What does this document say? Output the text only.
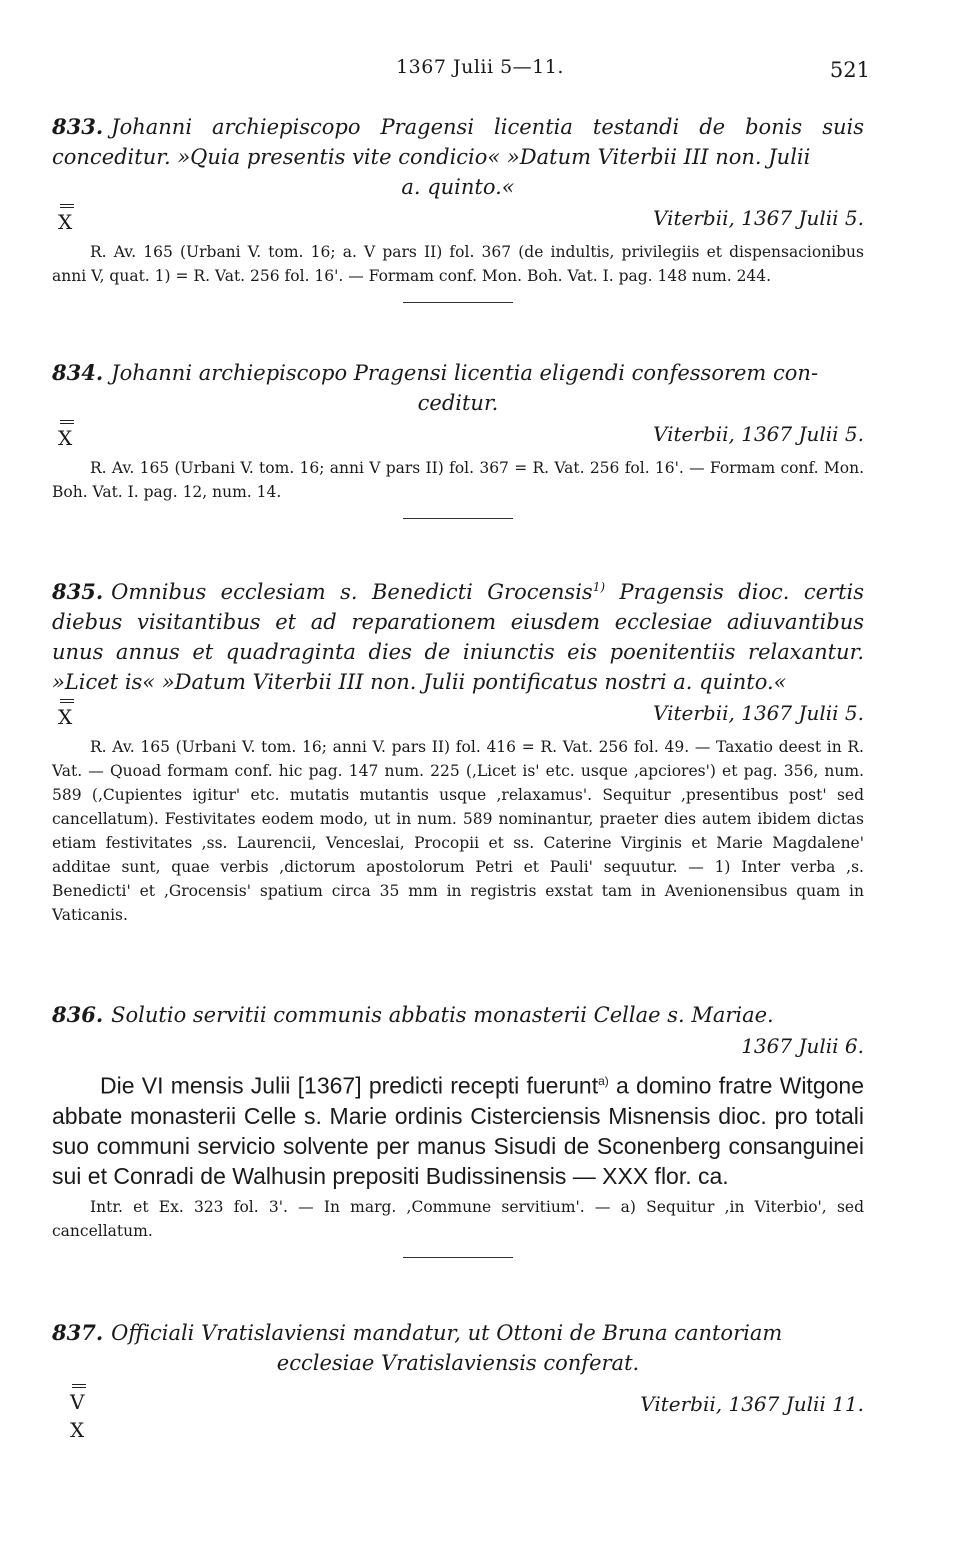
1367 Julii 5—11.	521

833. Johanni archiepiscopo Pragensi licentia testandi de bonis suis conceditur. »Quia presentis vite condicio« »Datum Viterbii III non. Julii

a. quinto.«

X	Viterbii, 1367 Julii 5.

R. Av. 165 (Urbani V. tom. 16; a. V pars II) fol. 367 (de indultis, privilegiis et dispensacionibus anni V, quat. 1) = R. Vat. 256 fol. 16'. — Formam conf. Mon. Boh. Vat. I. pag. 148 num. 244.

834. Johanni archiepiscopo Pragensi licentia eligendi confessorem con-

ceditur.

X	Viterbii, 1367 Julii 5.

R. Av. 165 (Urbani V. tom. 16; anni V pars II) fol. 367 = R. Vat. 256 fol. 16'. — Formam conf. Mon. Boh. Vat. I. pag. 12, num. 14.

835. Omnibus ecclesiam s. Benedicti Grocensis$^{1)}$ Pragensis dioc. certis diebus visitantibus et ad reparationem eiusdem ecclesiae adiuvantibus unus annus et quadraginta dies de iniunctis eis poenitentiis relaxantur. »Licet is« »Datum Viterbii III non. Julii pontificatus nostri a. quinto.«

X	Viterbii, 1367 Julii 5.

R. Av. 165 (Urbani V. tom. 16; anni V. pars II) fol. 416 = R. Vat. 256 fol. 49. — Taxatio deest in R. Vat. — Quoad formam conf. hic pag. 147 num. 225 (,Licet is' etc. usque ,apciores') et pag. 356, num. 589 (,Cupientes igitur' etc. mutatis mutantis usque ,relaxamus'. Sequitur ,presentibus post' sed cancellatum). Festivitates eodem modo, ut in num. 589 nominantur, praeter dies autem ibidem dictas etiam festivitates ,ss. Laurencii, Venceslai, Procopii et ss. Caterine Virginis et Marie Magdalene' additae sunt, quae verbis ,dictorum apostolorum Petri et Pauli' sequutur. — 1) Inter verba ,s. Benedicti' et ,Grocensis' spatium circa 35 mm in registris exstat tam in Avenionensibus quam in Vaticanis.

836. Solutio servitii communis abbatis monasterii Cellae s. Mariae.

1367 Julii 6.

Die VI mensis Julii [1367] predicti recepti fuerunt$^{a)}$ a domino fratre Witgone abbate monasterii Celle s. Marie ordinis Cisterciensis Misnensis dioc. pro totali suo communi servicio solvente per manus Sisudi de Sconenberg consanguinei sui et Conradi de Walhusin prepositi Budissinensis — XXX flor. ca.

Intr. et Ex. 323 fol. 3'. — In marg. ,Commune servitium'. — a) Sequitur ,in Viterbio', sed cancellatum.

837. Officiali Vratislaviensi mandatur, ut Ottoni de Bruna cantoriam

ecclesiae Vratislaviensis conferat.

V
X
Viterbii, 1367 Julii 11.
